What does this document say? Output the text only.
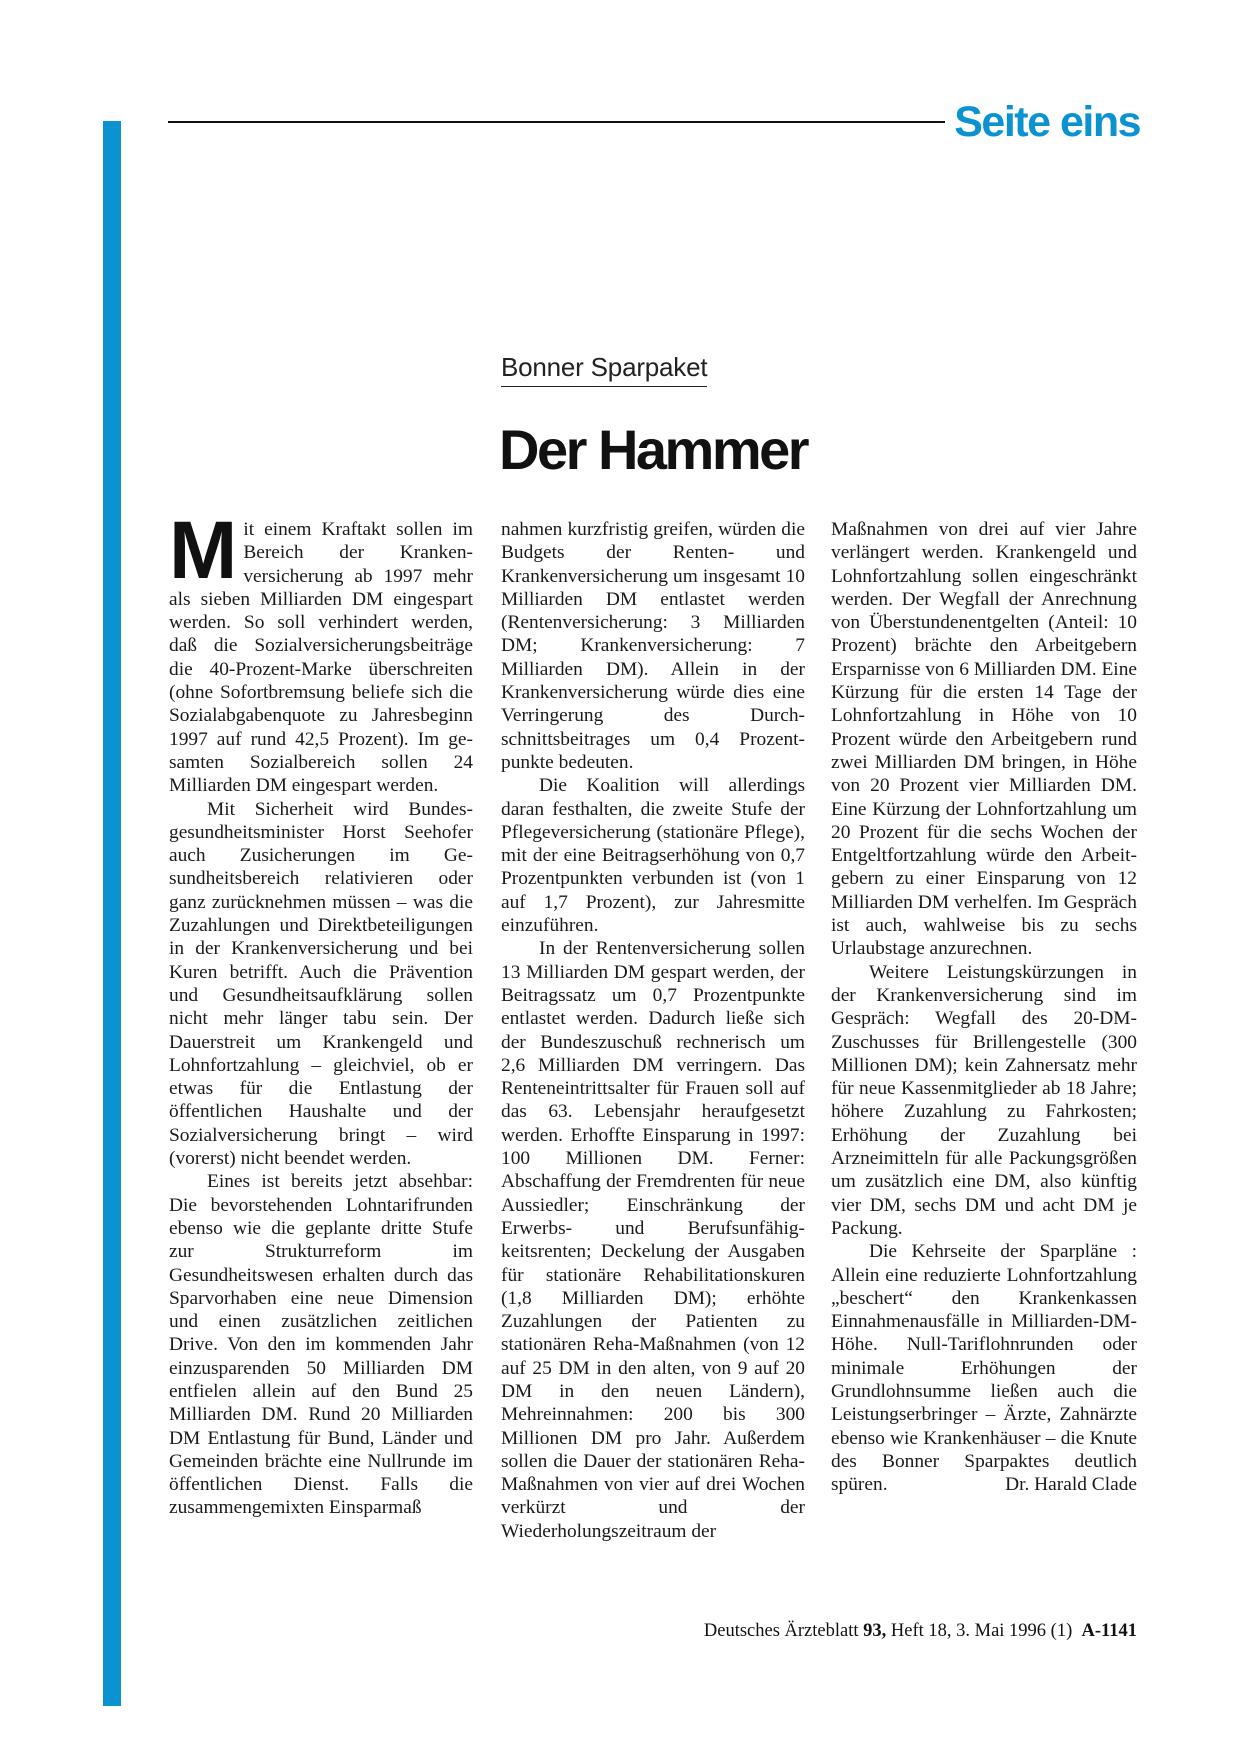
Seite eins
Bonner Sparpaket
Der Hammer

Mit einem Kraftakt sollen im Bereich der Krankenversicherung ab 1997 mehr als sieben Milliarden DM eingespart werden. So soll verhindert werden, daß die Sozialversicherungsbeiträge die 40-Prozent-Marke überschreiten (ohne Sofortbremsung beliefe sich die Sozialabgabenquote zu Jahresbeginn 1997 auf rund 42,5 Prozent). Im gesamten Sozialbereich sollen 24 Milliarden DM eingespart werden.

Mit Sicherheit wird Bundesgesundheitsminister Horst Seehofer auch Zusicherungen im Gesundheitsbereich relativieren oder ganz zurücknehmen müssen – was die Zuzahlungen und Direktbeteiligungen in der Krankenversicherung und bei Kuren betrifft. Auch die Prävention und Gesundheitsaufklärung sollen nicht mehr länger tabu sein. Der Dauerstreit um Krankengeld und Lohnfortzahlung – gleichviel, ob er etwas für die Entlastung der öffentlichen Haushalte und der Sozialversicherung bringt – wird (vorerst) nicht beendet werden.

Eines ist bereits jetzt absehbar: Die bevorstehenden Lohntarifrunden ebenso wie die geplante dritte Stufe zur Strukturreform im Gesundheitswesen erhalten durch das Sparvorhaben eine neue Dimension und einen zusätzlichen zeitlichen Drive. Von den im kommenden Jahr einzusparenden 50 Milliarden DM entfielen allein auf den Bund 25 Milliarden DM. Rund 20 Milliarden DM Entlastung für Bund, Länder und Gemeinden brächte eine Nullrunde im öffentlichen Dienst. Falls die zusammengemixten Einsparmaß

nahmen kurzfristig greifen, würden die Budgets der Renten- und Krankenversicherung um insgesamt 10 Milliarden DM entlastet werden (Rentenversicherung: 3 Milliarden DM; Krankenversicherung: 7 Milliarden DM). Allein in der Krankenversicherung würde dies eine Verringerung des Durchschnittsbeitrages um 0,4 Prozentpunkte bedeuten.

Die Koalition will allerdings daran festhalten, die zweite Stufe der Pflegeversicherung (stationäre Pflege), mit der eine Beitragserhöhung von 0,7 Prozentpunkten verbunden ist (von 1 auf 1,7 Prozent), zur Jahresmitte einzuführen.

In der Rentenversicherung sollen 13 Milliarden DM gespart werden, der Beitragssatz um 0,7 Prozentpunkte entlastet werden. Dadurch ließe sich der Bundeszuschuß rechnerisch um 2,6 Milliarden DM verringern. Das Renteneintrittsalter für Frauen soll auf das 63. Lebensjahr heraufgesetzt werden. Erhoffte Einsparung in 1997: 100 Millionen DM. Ferner: Abschaffung der Fremdrenten für neue Aussiedler; Einschränkung der Erwerbs- und Berufsunfähigkeitsrenten; Deckelung der Ausgaben für stationäre Rehabilitationskuren (1,8 Milliarden DM); erhöhte Zuzahlungen der Patienten zu stationären Reha-Maßnahmen (von 12 auf 25 DM in den alten, von 9 auf 20 DM in den neuen Ländern), Mehreinnahmen: 200 bis 300 Millionen DM pro Jahr. Außerdem sollen die Dauer der stationären Reha-Maßnahmen von vier auf drei Wochen verkürzt und der Wiederholungszeitraum der

Maßnahmen von drei auf vier Jahre verlängert werden. Krankengeld und Lohnfortzahlung sollen eingeschränkt werden. Der Wegfall der Anrechnung von Überstundenentgelten (Anteil: 10 Prozent) brächte den Arbeitgebern Ersparnisse von 6 Milliarden DM. Eine Kürzung für die ersten 14 Tage der Lohnfortzahlung in Höhe von 10 Prozent würde den Arbeitgebern rund zwei Milliarden DM bringen, in Höhe von 20 Prozent vier Milliarden DM. Eine Kürzung der Lohnfortzahlung um 20 Prozent für die sechs Wochen der Entgeltfortzahlung würde den Arbeitgebern zu einer Einsparung von 12 Milliarden DM verhelfen. Im Gespräch ist auch, wahlweise bis zu sechs Urlaubstage anzurechnen.

Weitere Leistungskürzungen in der Krankenversicherung sind im Gespräch: Wegfall des 20-DM-Zuschusses für Brillengestelle (300 Millionen DM); kein Zahnersatz mehr für neue Kassenmitglieder ab 18 Jahre; höhere Zuzahlung zu Fahrkosten; Erhöhung der Zuzahlung bei Arzneimitteln für alle Packungsgrößen um zusätzlich eine DM, also künftig vier DM, sechs DM und acht DM je Packung.

Die Kehrseite der Sparpläne : Allein eine reduzierte Lohnfortzahlung „beschert“ den Krankenkassen Einnahmenausfälle in Milliarden-DM-Höhe. Null-Tariflohnrunden oder minimale Erhöhungen der Grundlohnsumme ließen auch die Leistungserbringer – Ärzte, Zahnärzte ebenso wie Krankenhäuser – die Knute des Bonner Sparpaktes deutlich spüren.	Dr. Harald Clade

Deutsches Ärzteblatt 93, Heft 18, 3. Mai 1996 (1) A-1141
